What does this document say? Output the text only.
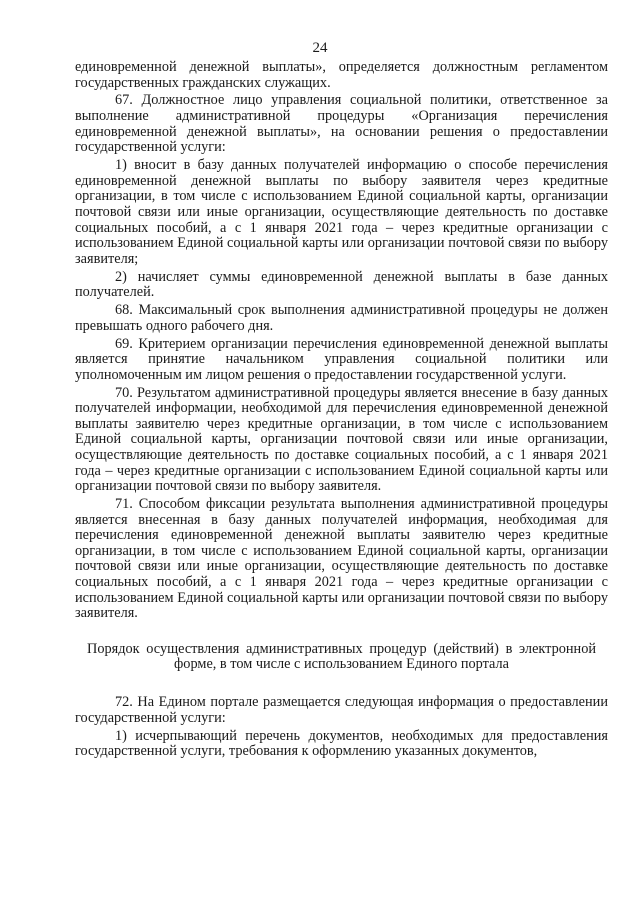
24

единовременной денежной выплаты», определяется должностным регламентом государственных гражданских служащих.

67. Должностное лицо управления социальной политики, ответственное за выполнение административной процедуры «Организация перечисления единовременной денежной выплаты», на основании решения о предоставлении государственной услуги:

1) вносит в базу данных получателей информацию о способе перечисления единовременной денежной выплаты по выбору заявителя через кредитные организации, в том числе с использованием Единой социальной карты, организации почтовой связи или иные организации, осуществляющие деятельность по доставке социальных пособий, а с 1 января 2021 года – через кредитные организации с использованием Единой социальной карты или организации почтовой связи по выбору заявителя;

2) начисляет суммы единовременной денежной выплаты в базе данных получателей.

68. Максимальный срок выполнения административной процедуры не должен превышать одного рабочего дня.

69. Критерием организации перечисления единовременной денежной выплаты является принятие начальником управления социальной политики или уполномоченным им лицом решения о предоставлении государственной услуги.

70. Результатом административной процедуры является внесение в базу данных получателей информации, необходимой для перечисления единовременной денежной выплаты заявителю через кредитные организации, в том числе с использованием Единой социальной карты, организации почтовой связи или иные организации, осуществляющие деятельность по доставке социальных пособий, а с 1 января 2021 года – через кредитные организации с использованием Единой социальной карты или организации почтовой связи по выбору заявителя.

71. Способом фиксации результата выполнения административной процедуры является внесенная в базу данных получателей информация, необходимая для перечисления единовременной денежной выплаты заявителю через кредитные организации, в том числе с использованием Единой социальной карты, организации почтовой связи или иные организации, осуществляющие деятельность по доставке социальных пособий, а с 1 января 2021 года – через кредитные организации с использованием Единой социальной карты или организации почтовой связи по выбору заявителя.

Порядок осуществления административных процедур (действий) в электронной форме, в том числе с использованием Единого портала

72. На Едином портале размещается следующая информация о предоставлении государственной услуги:

1) исчерпывающий перечень документов, необходимых для предоставления государственной услуги, требования к оформлению указанных документов,
